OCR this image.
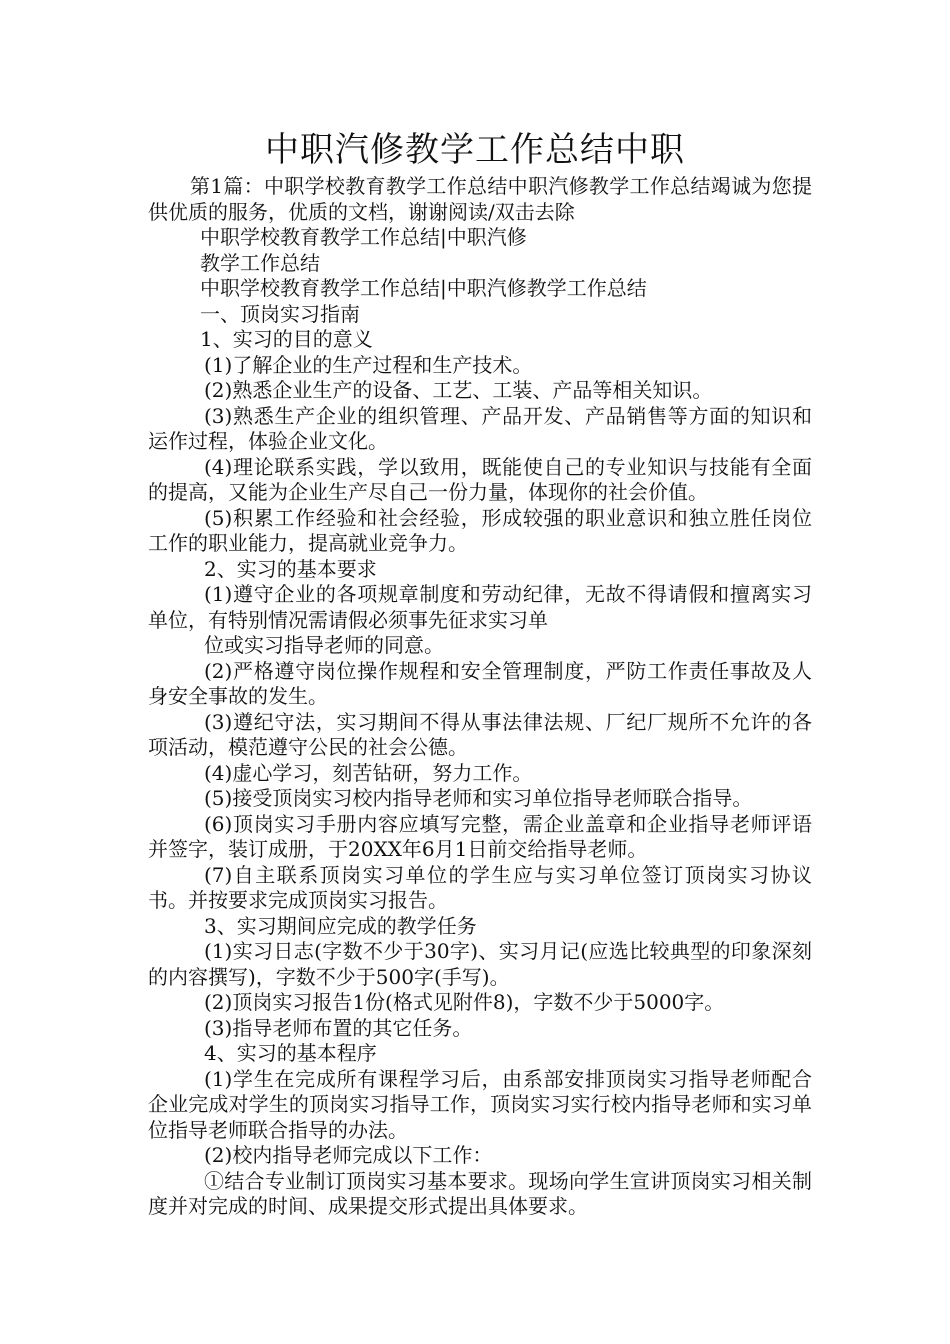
中职汽修教学工作总结中职

第1篇：中职学校教育教学工作总结中职汽修教学工作总结竭诚为您提供优质的服务，优质的文档，谢谢阅读/双击去除

中职学校教育教学工作总结|中职汽修

教学工作总结

中职学校教育教学工作总结|中职汽修教学工作总结

一、顶岗实习指南

1、实习的目的意义

(1)了解企业的生产过程和生产技术。

(2)熟悉企业生产的设备、工艺、工装、产品等相关知识。

(3)熟悉生产企业的组织管理、产品开发、产品销售等方面的知识和运作过程，体验企业文化。

(4)理论联系实践，学以致用，既能使自己的专业知识与技能有全面的提高，又能为企业生产尽自己一份力量，体现你的社会价值。

(5)积累工作经验和社会经验，形成较强的职业意识和独立胜任岗位工作的职业能力，提高就业竞争力。

2、实习的基本要求

(1)遵守企业的各项规章制度和劳动纪律，无故不得请假和擅离实习单位，有特别情况需请假必须事先征求实习单

位或实习指导老师的同意。

(2)严格遵守岗位操作规程和安全管理制度，严防工作责任事故及人身安全事故的发生。

(3)遵纪守法，实习期间不得从事法律法规、厂纪厂规所不允许的各项活动，模范遵守公民的社会公德。

(4)虚心学习，刻苦钻研，努力工作。

(5)接受顶岗实习校内指导老师和实习单位指导老师联合指导。

(6)顶岗实习手册内容应填写完整，需企业盖章和企业指导老师评语并签字，装订成册，于20XX年6月1日前交给指导老师。

(7)自主联系顶岗实习单位的学生应与实习单位签订顶岗实习协议书。并按要求完成顶岗实习报告。

3、实习期间应完成的教学任务

(1)实习日志(字数不少于30字)、实习月记(应选比较典型的印象深刻的内容撰写)，字数不少于500字(手写)。

(2)顶岗实习报告1份(格式见附件8)，字数不少于5000字。

(3)指导老师布置的其它任务。

4、实习的基本程序

(1)学生在完成所有课程学习后，由系部安排顶岗实习指导老师配合企业完成对学生的顶岗实习指导工作，顶岗实习实行校内指导老师和实习单位指导老师联合指导的办法。

(2)校内指导老师完成以下工作：

①结合专业制订顶岗实习基本要求。现场向学生宣讲顶岗实习相关制度并对完成的时间、成果提交形式提出具体要求。
